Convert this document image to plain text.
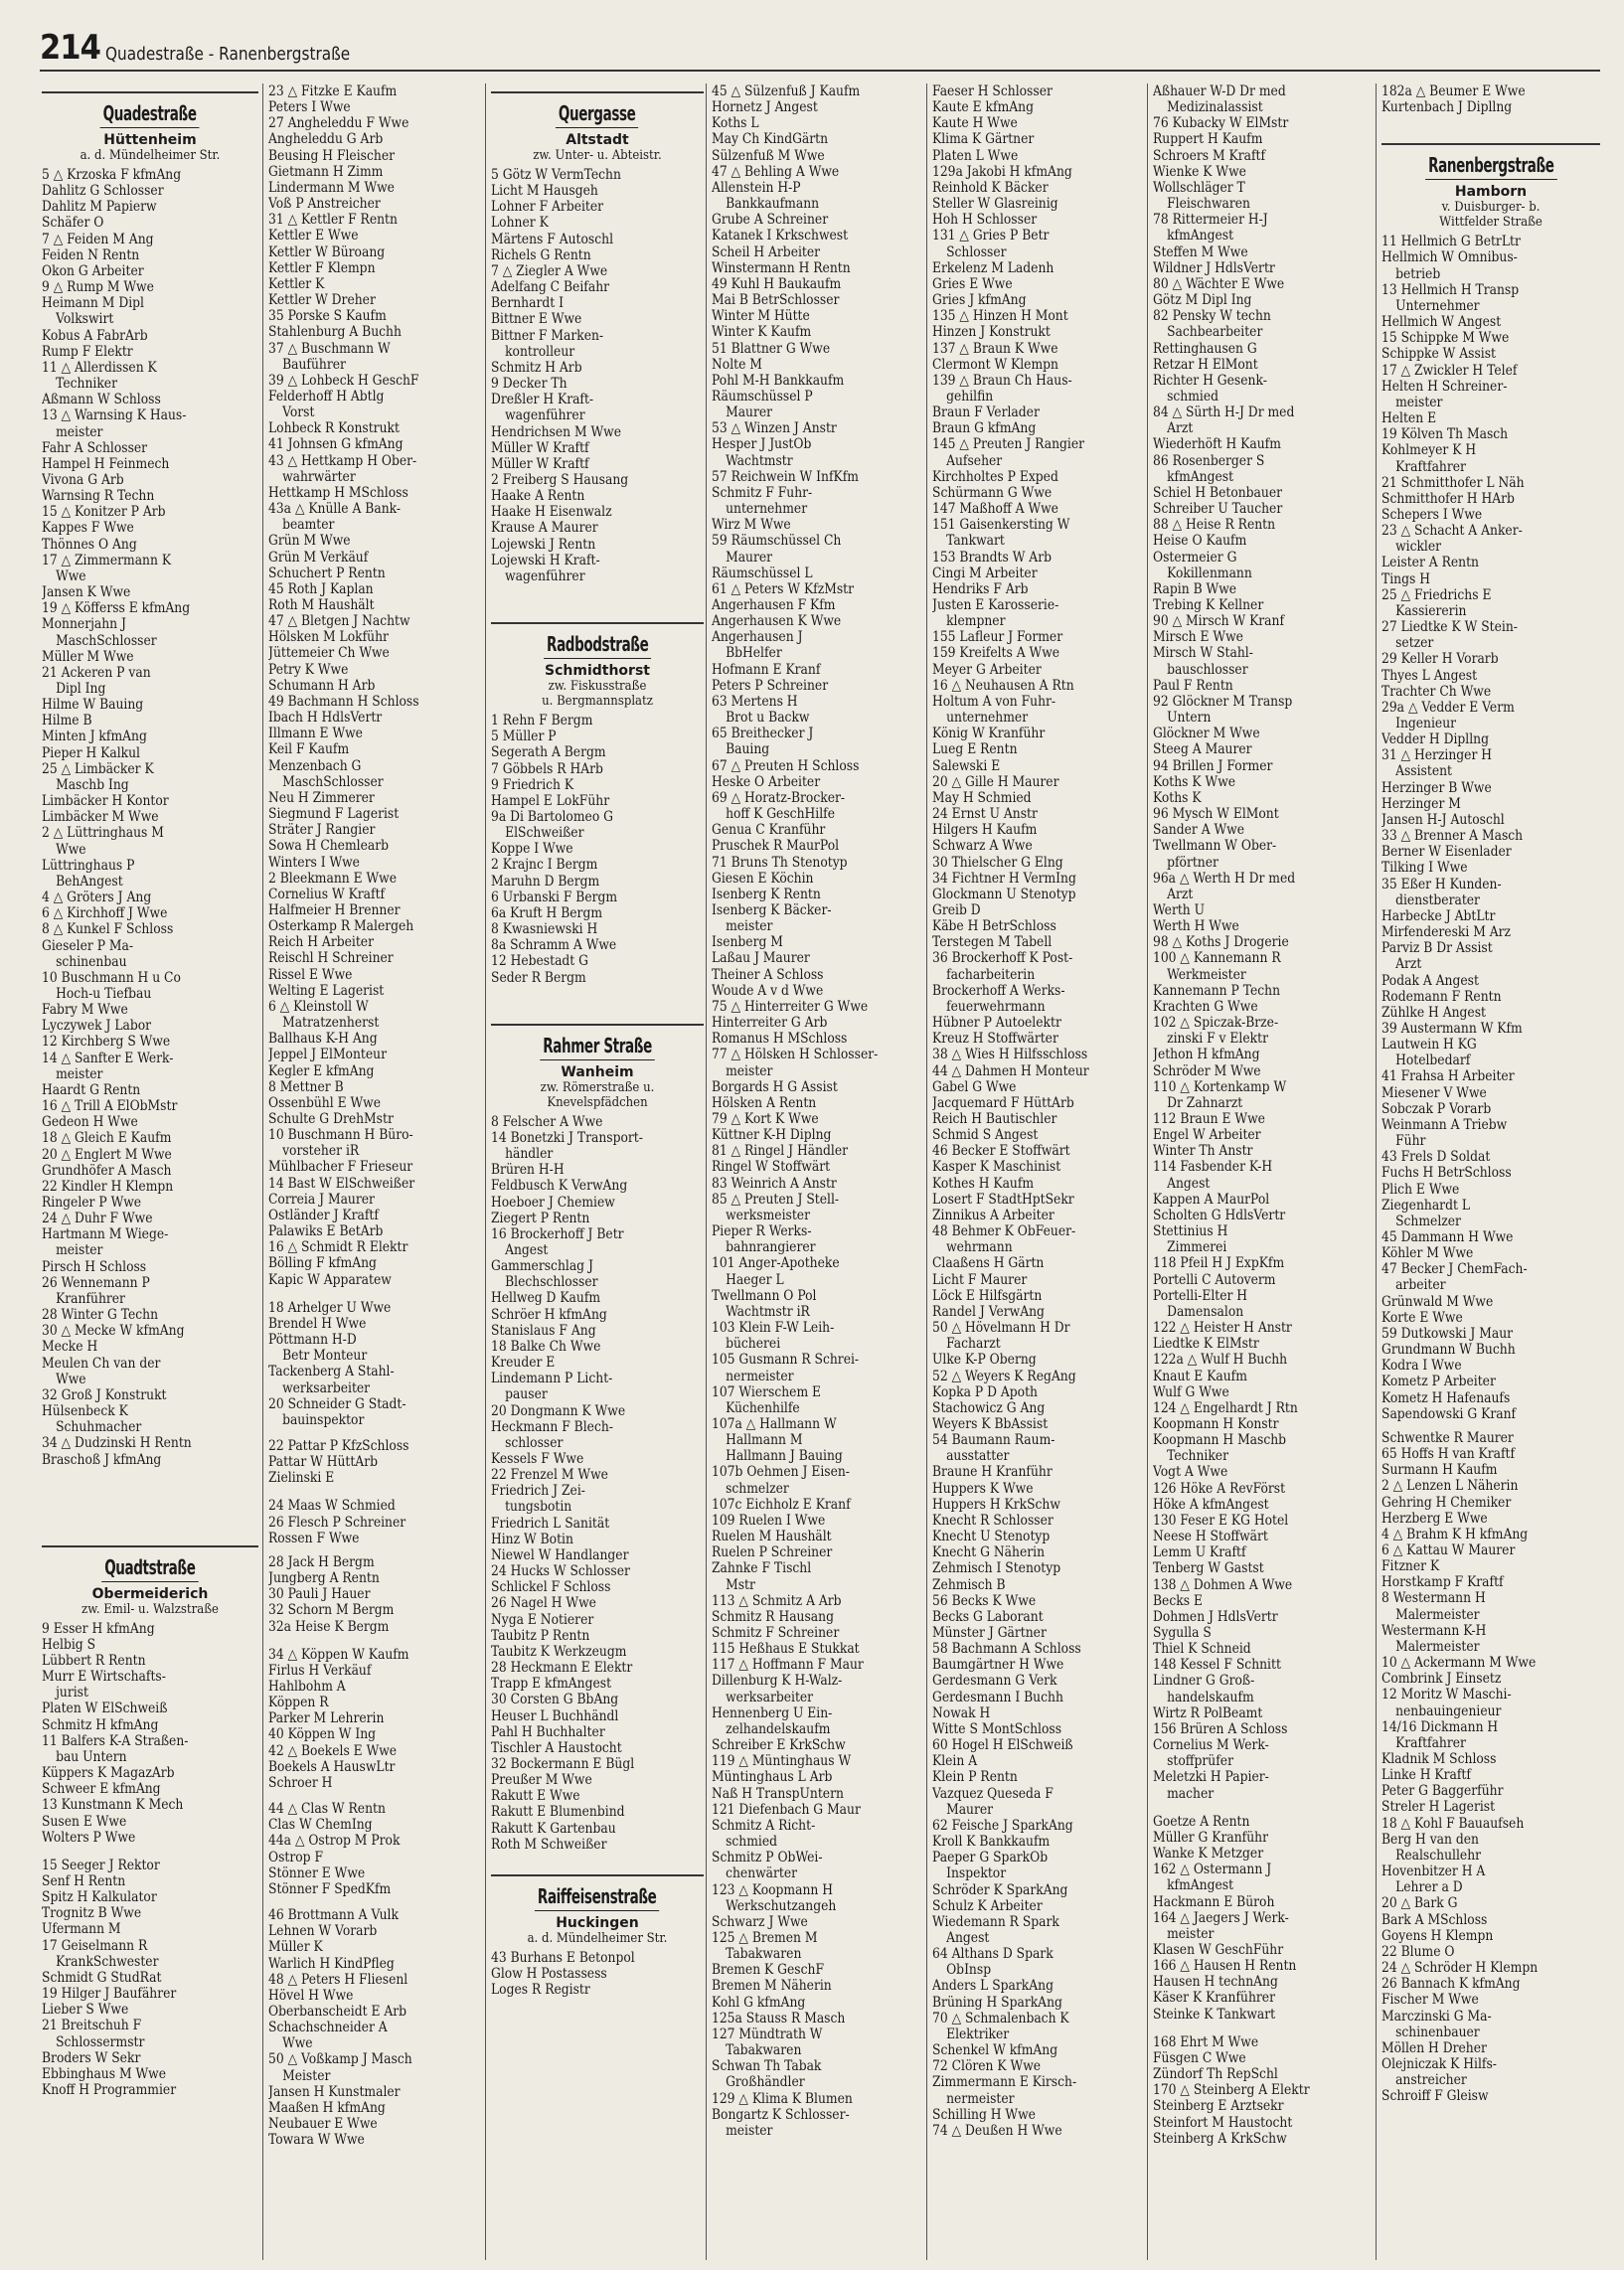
214 Quadestraße - Ranenbergstraße
Quadestraße
Hüttenheim
a. d. Mündelheimer Str.
5 △ Krzoska F kfmAng
Dahlitz G Schlosser
Dahlitz M Papierw
Schäfer O
7 △ Feiden M Ang
Feiden N Rentn
Okon G Arbeiter
9 △ Rump M Wwe
Heimann M Dipl
Volkswirt
Kobus A FabrArb
Rump F Elektr
11 △ Allerdissen K
Techniker
Aßmann W Schloss
13 △ Warnsing K Haus-
meister
Fahr A Schlosser
Hampel H Feinmech
Vivona G Arb
Warnsing R Techn
15 △ Konitzer P Arb
Kappes F Wwe
Thönnes O Ang
17 △ Zimmermann K
Wwe
Jansen K Wwe
19 △ Köfferss E kfmAng
Monnerjahn J
MaschSchlosser
Müller M Wwe
21 Ackeren P van
Dipl Ing
Hilme W Bauing
Hilme B
Minten J kfmAng
Pieper H Kalkul
25 △ Limbäcker K
Maschb Ing
Limbäcker H Kontor
Limbäcker M Wwe
2 △ Lüttringhaus M
Wwe
Lüttringhaus P
BehAngest
4 △ Gröters J Ang
6 △ Kirchhoff J Wwe
8 △ Kunkel F Schloss
Gieseler P Ma-
schinenbau
10 Buschmann H u Co
Hoch-u Tiefbau
Fabry M Wwe
Lyczywek J Labor
12 Kirchberg S Wwe
14 △ Sanfter E Werk-
meister
Haardt G Rentn
16 △ Trill A ElObMstr
Gedeon H Wwe
18 △ Gleich E Kaufm
20 △ Englert M Wwe
Grundhöfer A Masch
22 Kindler H Klempn
Ringeler P Wwe
24 △ Duhr F Wwe
Hartmann M Wiege-
meister
Pirsch H Schloss
26 Wennemann P
Kranführer
28 Winter G Techn
30 △ Mecke W kfmAng
Mecke H
Meulen Ch van der
Wwe
32 Groß J Konstrukt
Hülsenbeck K
Schuhmacher
34 △ Dudzinski H Rentn
Braschoß J kfmAng
Quadtstraße
Obermeiderich
zw. Emil- u. Walzstraße
9 Esser H kfmAng
Helbig S
Lübbert R Rentn
Murr E Wirtschafts-
jurist
Platen W ElSchweiß
Schmitz H kfmAng
11 Balfers K-A Straßen-
bau Untern
Küppers K MagazArb
Schweer E kfmAng
13 Kunstmann K Mech
Susen E Wwe
Wolters P Wwe
15 Seeger J Rektor
Senf H Rentn
Spitz H Kalkulator
Trognitz B Wwe
Ufermann M
17 Geiselmann R
KrankSchwester
Schmidt G StudRat
19 Hilger J Baufährer
Lieber S Wwe
21 Breitschuh F
Schlossermstr
Broders W Sekr
Ebbinghaus M Wwe
Knoff H Programmier
23 △ Fitzke E Kaufm
Peters I Wwe
27 Angheleddu F Wwe
Angheleddu G Arb
Beusing H Fleischer
Gietmann H Zimm
Lindermann M Wwe
Voß P Anstreicher
31 △ Kettler F Rentn
Kettler E Wwe
Kettler W Büroang
Kettler F Klempn
Kettler K
Kettler W Dreher
35 Porske S Kaufm
Stahlenburg A Buchh
37 △ Buschmann W
Bauführer
39 △ Lohbeck H GeschF
Felderhoff H Abtlg
Vorst
Lohbeck R Konstrukt
41 Johnsen G kfmAng
43 △ Hettkamp H Ober-
wahrwärter
Hettkamp H MSchloss
43a △ Knülle A Bank-
beamter
Grün M Wwe
Grün M Verkäuf
Schuchert P Rentn
45 Roth J Kaplan
Roth M Haushält
47 △ Bletgen J Nachtw
Hölsken M Lokführ
Jüttemeier Ch Wwe
Petry K Wwe
Schumann H Arb
49 Bachmann H Schloss
Ibach H HdlsVertr
Illmann E Wwe
Keil F Kaufm
Menzenbach G
MaschSchlosser
Neu H Zimmerer
Siegmund F Lagerist
Sträter J Rangier
Sowa H Chemlearb
Winters I Wwe
2 Bleekmann E Wwe
Cornelius W Kraftf
Halfmeier H Brenner
Osterkamp R Malergeh
Reich H Arbeiter
Reischl H Schreiner
Rissel E Wwe
Welting E Lagerist
6 △ Kleinstoll W
Matratzenherst
Ballhaus K-H Ang
Jeppel J ElMonteur
Kegler E kfmAng
8 Mettner B
Ossenbühl E Wwe
Schulte G DrehMstr
10 Buschmann H Büro-
vorsteher iR
Mühlbacher F Frieseur
14 Bast W ElSchweißer
Correia J Maurer
Ostländer J Kraftf
Palawiks E BetArb
16 △ Schmidt R Elektr
Bölling F kfmAng
Kapic W Apparatew
18 Arhelger U Wwe
Brendel H Wwe
Pöttmann H-D
Betr Monteur
Tackenberg A Stahl-
werksarbeiter
20 Schneider G Stadt-
bauinspektor
22 Pattar P KfzSchloss
Pattar W HüttArb
Zielinski E
24 Maas W Schmied
26 Flesch P Schreiner
Rossen F Wwe
28 Jack H Bergm
Jungberg A Rentn
30 Pauli J Hauer
32 Schorn M Bergm
32a Heise K Bergm
34 △ Köppen W Kaufm
Firlus H Verkäuf
Hahlbohm A
Köppen R
Parker M Lehrerin
40 Köppen W Ing
42 △ Boekels E Wwe
Boekels A HauswLtr
Schroer H
44 △ Clas W Rentn
Clas W ChemIng
44a △ Ostrop M Prok
Ostrop F
Stönner E Wwe
Stönner F SpedKfm
46 Brottmann A Vulk
Lehnen W Vorarb
Müller K
Warlich H KindPfleg
48 △ Peters H Fliesenl
Hövel H Wwe
Oberbanscheidt E Arb
Schachschneider A
Wwe
50 △ Voßkamp J Masch
Meister
Jansen H Kunstmaler
Maaßen H kfmAng
Neubauer E Wwe
Towara W Wwe
Quergasse
Altstadt
zw. Unter- u. Abteistr.
5 Götz W VermTechn
Licht M Hausgeh
Lohner F Arbeiter
Lohner K
Märtens F Autoschl
Richels G Rentn
7 △ Ziegler A Wwe
Adelfang C Beifahr
Bernhardt I
Bittner E Wwe
Bittner F Marken-
kontrolleur
Schmitz H Arb
9 Decker Th
Dreßler H Kraft-
wagenführer
Hendrichsen M Wwe
Müller W Kraftf
Müller W Kraftf
2 Freiberg S Hausang
Haake A Rentn
Haake H Eisenwalz
Krause A Maurer
Lojewski J Rentn
Lojewski H Kraft-
wagenführer
Radbodstraße
Schmidthorst
zw. Fiskusstraße
u. Bergmannsplatz
1 Rehn F Bergm
5 Müller P
Segerath A Bergm
7 Göbbels R HArb
9 Friedrich K
Hampel E LokFühr
9a Di Bartolomeo G
ElSchweißer
Koppe I Wwe
2 Krajnc I Bergm
Maruhn D Bergm
6 Urbanski F Bergm
6a Kruft H Bergm
8 Kwasniewski H
8a Schramm A Wwe
12 Hebestadt G
Seder R Bergm
Rahmer Straße
Wanheim
zw. Römerstraße u.
Knevelspfädchen
8 Felscher A Wwe
14 Bonetzki J Transport-
händler
Brüren H-H
Feldbusch K VerwAng
Hoeboer J Chemiew
Ziegert P Rentn
16 Brockerhoff J Betr
Angest
Gammerschlag J
Blechschlosser
Hellweg D Kaufm
Schröer H kfmAng
Stanislaus F Ang
18 Balke Ch Wwe
Kreuder E
Lindemann P Licht-
pauser
20 Dongmann K Wwe
Heckmann F Blech-
schlosser
Kessels F Wwe
22 Frenzel M Wwe
Friedrich J Zei-
tungsbotin
Friedrich L Sanität
Hinz W Botin
Niewel W Handlanger
24 Hucks W Schlosser
Schlickel F Schloss
26 Nagel H Wwe
Nyga E Notierer
Taubitz P Rentn
Taubitz K Werkzeugm
28 Heckmann E Elektr
Trapp E kfmAngest
30 Corsten G BbAng
Heuser L Buchhändl
Pahl H Buchhalter
Tischler A Haustocht
32 Bockermann E Bügl
Preußer M Wwe
Rakutt E Wwe
Rakutt E Blumenbind
Rakutt K Gartenbau
Roth M Schweißer
Raiffeisenstraße
Huckingen
a. d. Mündelheimer Str.
43 Burhans E Betonpol
Glow H Postassess
Loges R Registr
45 △ Sülzenfuß J Kaufm
Hornetz J Angest
Koths L
May Ch KindGärtn
Sülzenfuß M Wwe
47 △ Behling A Wwe
Allenstein H-P
Bankkaufmann
Grube A Schreiner
Katanek I Krkschwest
Scheil H Arbeiter
Winstermann H Rentn
49 Kuhl H Baukaufm
Mai B BetrSchlosser
Winter M Hütte
Winter K Kaufm
51 Blattner G Wwe
Nolte M
Pohl M-H Bankkaufm
Räumschüssel P
Maurer
53 △ Winzen J Anstr
Hesper J JustOb
Wachtmstr
57 Reichwein W InfKfm
Schmitz F Fuhr-
unternehmer
Wirz M Wwe
59 Räumschüssel Ch
Maurer
Räumschüssel L
61 △ Peters W KfzMstr
Angerhausen F Kfm
Angerhausen K Wwe
Angerhausen J
BbHelfer
Hofmann E Kranf
Peters P Schreiner
63 Mertens H
Brot u Backw
65 Breithecker J
Bauing
67 △ Preuten H Schloss
Heske O Arbeiter
69 △ Horatz-Brocker-
hoff K GeschHilfe
Genua C Kranführ
Pruschek R MaurPol
71 Bruns Th Stenotyp
Giesen E Köchin
Isenberg K Rentn
Isenberg K Bäcker-
meister
Isenberg M
Laßau J Maurer
Theiner A Schloss
Woude A v d Wwe
75 △ Hinterreiter G Wwe
Hinterreiter G Arb
Romanus H MSchloss
77 △ Hölsken H Schlosser-
meister
Borgards H G Assist
Hölsken A Rentn
79 △ Kort K Wwe
Küttner K-H Diplng
81 △ Ringel J Händler
Ringel W Stoffwärt
83 Weinrich A Anstr
85 △ Preuten J Stell-
werksmeister
Pieper R Werks-
bahnrangierer
101 Anger-Apotheke
Haeger L
Twellmann O Pol
Wachtmstr iR
103 Klein F-W Leih-
bücherei
105 Gusmann R Schrei-
nermeister
107 Wierschem E
Küchenhilfe
107a △ Hallmann W
Hallmann M
Hallmann J Bauing
107b Oehmen J Eisen-
schmelzer
107c Eichholz E Kranf
109 Ruelen I Wwe
Ruelen M Haushält
Ruelen P Schreiner
Zahnke F Tischl
Mstr
113 △ Schmitz A Arb
Schmitz R Hausang
Schmitz F Schreiner
115 Heßhaus E Stukkat
117 △ Hoffmann F Maur
Dillenburg K H-Walz-
werksarbeiter
Hennenberg U Ein-
zelhandelskaufm
Schreiber E KrkSchw
119 △ Müntinghaus W
Müntinghaus L Arb
Naß H TranspUntern
121 Diefenbach G Maur
Schmitz A Richt-
schmied
Schmitz P ObWei-
chenwärter
123 △ Koopmann H
Werkschutzangeh
Schwarz J Wwe
125 △ Bremen M
Tabakwaren
Bremen K GeschF
Bremen M Näherin
Kohl G kfmAng
125a Stauss R Masch
127 Mündtrath W
Tabakwaren
Schwan Th Tabak
Großhändler
129 △ Klima K Blumen
Bongartz K Schlosser-
meister
Faeser H Schlosser
Kaute E kfmAng
Kaute H Wwe
Klima K Gärtner
Platen L Wwe
129a Jakobi H kfmAng
Reinhold K Bäcker
Steller W Glasreinig
Hoh H Schlosser
131 △ Gries P Betr
Schlosser
Erkelenz M Ladenh
Gries E Wwe
Gries J kfmAng
135 △ Hinzen H Mont
Hinzen J Konstrukt
137 △ Braun K Wwe
Clermont W Klempn
139 △ Braun Ch Haus-
gehilfin
Braun F Verlader
Braun G kfmAng
145 △ Preuten J Rangier
Aufseher
Kirchholtes P Exped
Schürmann G Wwe
147 Maßhoff A Wwe
151 Gaisenkersting W
Tankwart
153 Brandts W Arb
Cingi M Arbeiter
Hendriks F Arb
Justen E Karosserie-
klempner
155 Lafleur J Former
159 Kreifelts A Wwe
Meyer G Arbeiter
16 △ Neuhausen A Rtn
Holtum A von Fuhr-
unternehmer
König W Kranführ
Lueg E Rentn
Salewski E
20 △ Gille H Maurer
May H Schmied
24 Ernst U Anstr
Hilgers H Kaufm
Schwarz A Wwe
30 Thielscher G Elng
34 Fichtner H VermIng
Glockmann U Stenotyp
Greib D
Käbe H BetrSchloss
Terstegen M Tabell
36 Brockerhoff K Post-
facharbeiterin
Brockerhoff A Werks-
feuerwehrmann
Hübner P Autoelektr
Kreuz H Stoffwärter
38 △ Wies H Hilfsschloss
44 △ Dahmen H Monteur
Gabel G Wwe
Jacquemard F HüttArb
Reich H Bautischler
Schmid S Angest
46 Becker E Stoffwärt
Kasper K Maschinist
Kothes H Kaufm
Losert F StadtHptSekr
Zinnikus A Arbeiter
48 Behmer K ObFeuer-
wehrmann
Claaßens H Gärtn
Licht F Maurer
Löck E Hilfsgärtn
Randel J VerwAng
50 △ Hövelmann H Dr
Facharzt
Ulke K-P Oberng
52 △ Weyers K RegAng
Kopka P D Apoth
Stachowicz G Ang
Weyers K BbAssist
54 Baumann Raum-
ausstatter
Braune H Kranführ
Huppers K Wwe
Huppers H KrkSchw
Knecht R Schlosser
Knecht U Stenotyp
Knecht G Näherin
Zehmisch I Stenotyp
Zehmisch B
56 Becks K Wwe
Becks G Laborant
Münster J Gärtner
58 Bachmann A Schloss
Baumgärtner H Wwe
Gerdesmann G Verk
Gerdesmann I Buchh
Nowak H
Witte S MontSchloss
60 Hogel H ElSchweiß
Klein A
Klein P Rentn
Vazquez Queseda F
Maurer
62 Feische J SparkAng
Kroll K Bankkaufm
Paeper G SparkOb
Inspektor
Schröder K SparkAng
Schulz K Arbeiter
Wiedemann R Spark
Angest
64 Althans D Spark
ObInsp
Anders L SparkAng
Brüning H SparkAng
70 △ Schmalenbach K
Elektriker
Schenkel W kfmAng
72 Clören K Wwe
Zimmermann E Kirsch-
nermeister
Schilling H Wwe
74 △ Deußen H Wwe
Aßhauer W-D Dr med
Medizinalassist
76 Kubacky W ElMstr
Ruppert H Kaufm
Schroers M Kraftf
Wienke K Wwe
Wollschläger T
Fleischwaren
78 Rittermeier H-J
kfmAngest
Steffen M Wwe
Wildner J HdlsVertr
80 △ Wächter E Wwe
Götz M Dipl Ing
82 Pensky W techn
Sachbearbeiter
Rettinghausen G
Retzar H ElMont
Richter H Gesenk-
schmied
84 △ Sürth H-J Dr med
Arzt
Wiederhöft H Kaufm
86 Rosenberger S
kfmAngest
Schiel H Betonbauer
Schreiber U Taucher
88 △ Heise R Rentn
Heise O Kaufm
Ostermeier G
Kokillenmann
Rapin B Wwe
Trebing K Kellner
90 △ Mirsch W Kranf
Mirsch E Wwe
Mirsch W Stahl-
bauschlosser
Paul F Rentn
92 Glöckner M Transp
Untern
Glöckner M Wwe
Steeg A Maurer
94 Brillen J Former
Koths K Wwe
Koths K
96 Mysch W ElMont
Sander A Wwe
Twellmann W Ober-
pförtner
96a △ Werth H Dr med
Arzt
Werth U
Werth H Wwe
98 △ Koths J Drogerie
100 △ Kannemann R
Werkmeister
Kannemann P Techn
Krachten G Wwe
102 △ Spiczak-Brze-
zinski F v Elektr
Jethon H kfmAng
Schröder M Wwe
110 △ Kortenkamp W
Dr Zahnarzt
112 Braun E Wwe
Engel W Arbeiter
Winter Th Anstr
114 Fasbender K-H
Angest
Kappen A MaurPol
Scholten G HdlsVertr
Stettinius H
Zimmerei
118 Pfeil H J ExpKfm
Portelli C Autoverm
Portelli-Elter H
Damensalon
122 △ Heister H Anstr
Liedtke K ElMstr
122a △ Wulf H Buchh
Knaut E Kaufm
Wulf G Wwe
124 △ Engelhardt J Rtn
Koopmann H Konstr
Koopmann H Maschb
Techniker
Vogt A Wwe
126 Höke A RevFörst
Höke A kfmAngest
130 Feser E KG Hotel
Neese H Stoffwärt
Lemm U Kraftf
Tenberg W Gastst
138 △ Dohmen A Wwe
Becks E
Dohmen J HdlsVertr
Sygulla S
Thiel K Schneid
148 Kessel F Schnitt
Lindner G Groß-
handelskaufm
Wirtz R PolBeamt
156 Brüren A Schloss
Cornelius M Werk-
stoffprüfer
Meletzki H Papier-
macher
Goetze A Rentn
Müller G Kranführ
Wanke K Metzger
162 △ Ostermann J
kfmAngest
Hackmann E Büroh
164 △ Jaegers J Werk-
meister
Klasen W GeschFühr
166 △ Hausen H Rentn
Hausen H technAng
Käser K Kranführer
Steinke K Tankwart
168 Ehrt M Wwe
Füsgen C Wwe
Zündorf Th RepSchl
170 △ Steinberg A Elektr
Steinberg E Arztsekr
Steinfort M Haustocht
Steinberg A KrkSchw
182a △ Beumer E Wwe
Kurtenbach J Dipllng
Ranenbergstraße
Hamborn
v. Duisburger- b.
Wittfelder Straße
11 Hellmich G BetrLtr
Hellmich W Omnibus-
betrieb
13 Hellmich H Transp
Unternehmer
Hellmich W Angest
15 Schippke M Wwe
Schippke W Assist
17 △ Zwickler H Telef
Helten H Schreiner-
meister
Helten E
19 Kölven Th Masch
Kohlmeyer K H
Kraftfahrer
21 Schmitthofer L Näh
Schmitthofer H HArb
Schepers I Wwe
23 △ Schacht A Anker-
wickler
Leister A Rentn
Tings H
25 △ Friedrichs E
Kassiererin
27 Liedtke K W Stein-
setzer
29 Keller H Vorarb
Thyes L Angest
Trachter Ch Wwe
29a △ Vedder E Verm
Ingenieur
Vedder H Dipllng
31 △ Herzinger H
Assistent
Herzinger B Wwe
Herzinger M
Jansen H-J Autoschl
33 △ Brenner A Masch
Berner W Eisenlader
Tilking I Wwe
35 Eßer H Kunden-
dienstberater
Harbecke J AbtLtr
Mirfendereski M Arz
Parviz B Dr Assist
Arzt
Podak A Angest
Rodemann F Rentn
Zühlke H Angest
39 Austermann W Kfm
Lautwein H KG
Hotelbedarf
41 Frahsa H Arbeiter
Miesener V Wwe
Sobczak P Vorarb
Weinmann A Triebw
Führ
43 Frels D Soldat
Fuchs H BetrSchloss
Plich E Wwe
Ziegenhardt L
Schmelzer
45 Dammann H Wwe
Köhler M Wwe
47 Becker J ChemFach-
arbeiter
Grünwald M Wwe
Korte E Wwe
59 Dutkowski J Maur
Grundmann W Buchh
Kodra I Wwe
Kometz P Arbeiter
Kometz H Hafenaufs
Sapendowski G Kranf
Schwentke R Maurer
65 Hoffs H van Kraftf
Surmann H Kaufm
2 △ Lenzen L Näherin
Gehring H Chemiker
Herzberg E Wwe
4 △ Brahm K H kfmAng
6 △ Kattau W Maurer
Fitzner K
Horstkamp F Kraftf
8 Westermann H
Malermeister
Westermann K-H
Malermeister
10 △ Ackermann M Wwe
Combrink J Einsetz
12 Moritz W Maschi-
nenbauingenieur
14/16 Dickmann H
Kraftfahrer
Kladnik M Schloss
Linke H Kraftf
Peter G Baggerführ
Streler H Lagerist
18 △ Kohl F Bauaufseh
Berg H van den
Realschullehr
Hovenbitzer H A
Lehrer a D
20 △ Bark G
Bark A MSchloss
Goyens H Klempn
22 Blume O
24 △ Schröder H Klempn
26 Bannach K kfmAng
Fischer M Wwe
Marczinski G Ma-
schinenbauer
Möllen H Dreher
Olejniczak K Hilfs-
anstreicher
Schroiff F Gleisw
